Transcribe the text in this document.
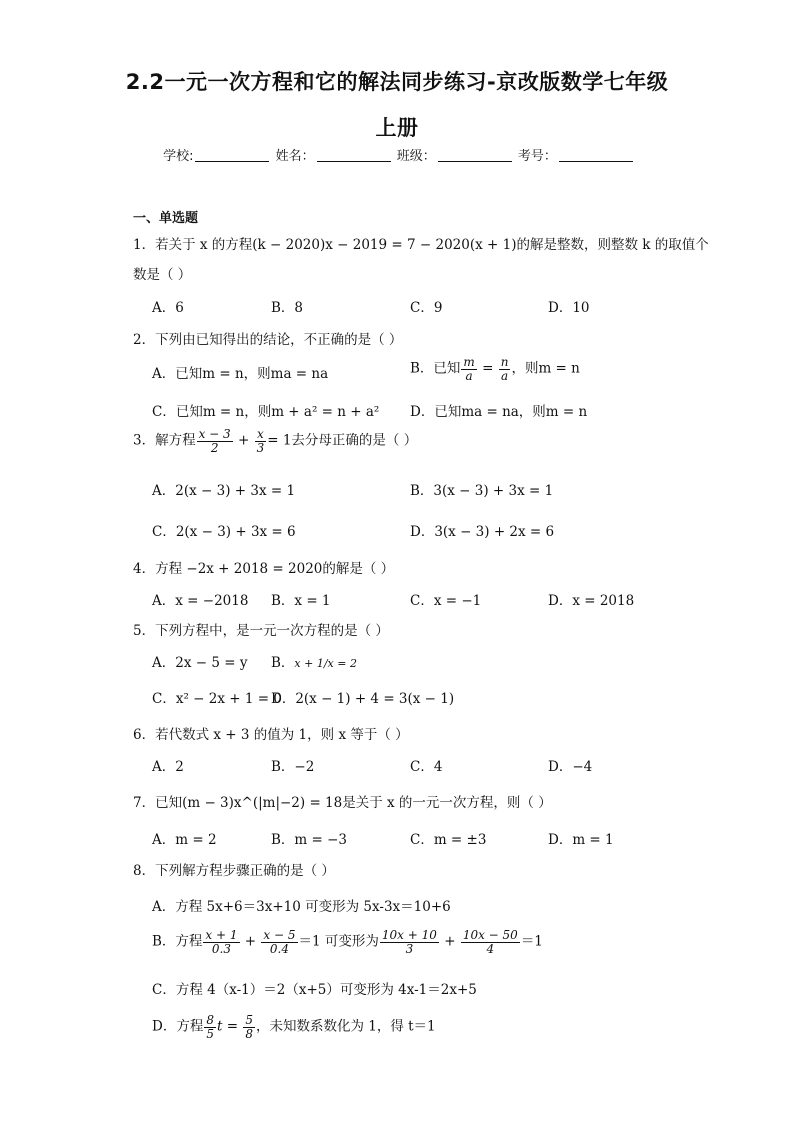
2.2一元一次方程和它的解法同步练习-京改版数学七年级
上册
学校:	姓名：	班级：	考号：
一、单选题
1．若关于 x 的方程(k − 2020)x − 2019 = 7 − 2020(x + 1)的解是整数，则整数 k 的取值个
数是（ ）
A．6	B．8	C．9	D．10
2．下列由已知得出的结论，不正确的是（ ）
A．已知m = n，则ma = na	B．已知 $\frac{m}{a} = \frac{n}{a}$ ，则m = n
C．已知m = n，则m + a² = n + a² D．已知ma = na，则m = n
3．解方程 $\frac{x - 3}{2} + \frac{x}{3} = 1$去分母正确的是（ ）
A．2(x − 3) + 3x = 1	B．3(x − 3) + 3x = 1
C．2(x − 3) + 3x = 6	D．3(x − 3) + 2x = 6
4．方程 −2x + 2018 = 2020的解是（ ）
A．x = −2018 B．x = 1	C．x = −1	D．x = 2018
5．下列方程中，是一元一次方程的是（ ）
A．2x − 5 = y B．x + 1/x = 2
C．x² − 2x + 1 = 0
D．2(x − 1) + 4 = 3(x − 1)
6．若代数式 x + 3 的值为 1，则 x 等于（ ）
A．2	B．−2	C．4	D．−4
7．已知(m − 3)x^(|m|−2) = 18是关于 x 的一元一次方程，则（ ）
A．m = 2	B．m = −3	C．m = ±3	D．m = 1
8．下列解方程步骤正确的是（ ）
A．方程 5x+6＝3x+10 可变形为 5x-3x＝10+6
B．方程 $\frac{x + 1}{0.3} + \frac{x - 5}{0.4} =1$ 可变形为 $\frac{10x + 10}{3} + \frac{10x - 50}{4} =1$
C．方程 4（x-1）＝2（x+5）可变形为 4x-1＝2x+5
D．方程 $\frac{8}{5}$ $t = \frac{5}{8}$ ，未知数系数化为 1，得 t＝1
